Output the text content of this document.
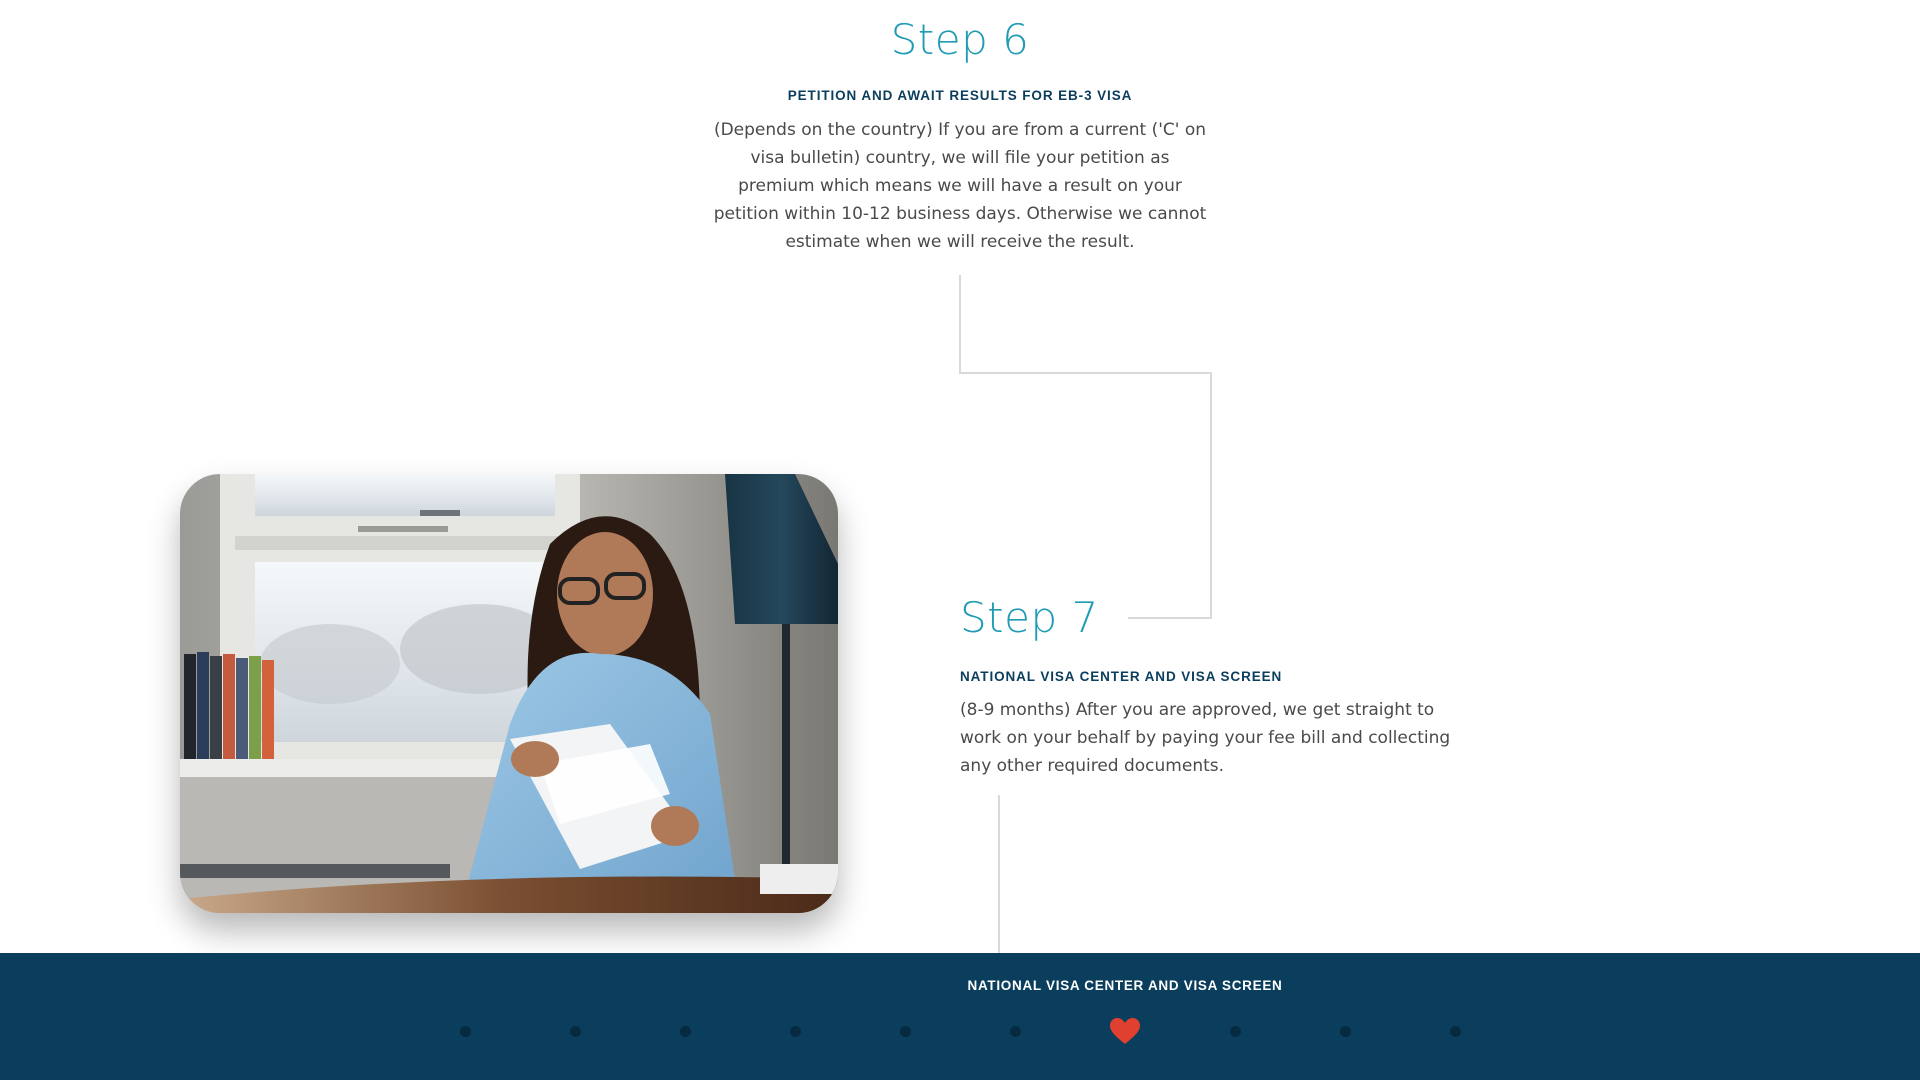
Step 6

PETITION AND AWAIT RESULTS FOR EB-3 VISA

(Depends on the country) If you are from a current ('C' on visa bulletin) country, we will file your petition as premium which means we will have a result on your petition within 10-12 business days. Otherwise we cannot estimate when we will receive the result.

Step 7

NATIONAL VISA CENTER AND VISA SCREEN

(8-9 months) After you are approved, we get straight to work on your behalf by paying your fee bill and collecting any other required documents.

NATIONAL VISA CENTER AND VISA SCREEN
